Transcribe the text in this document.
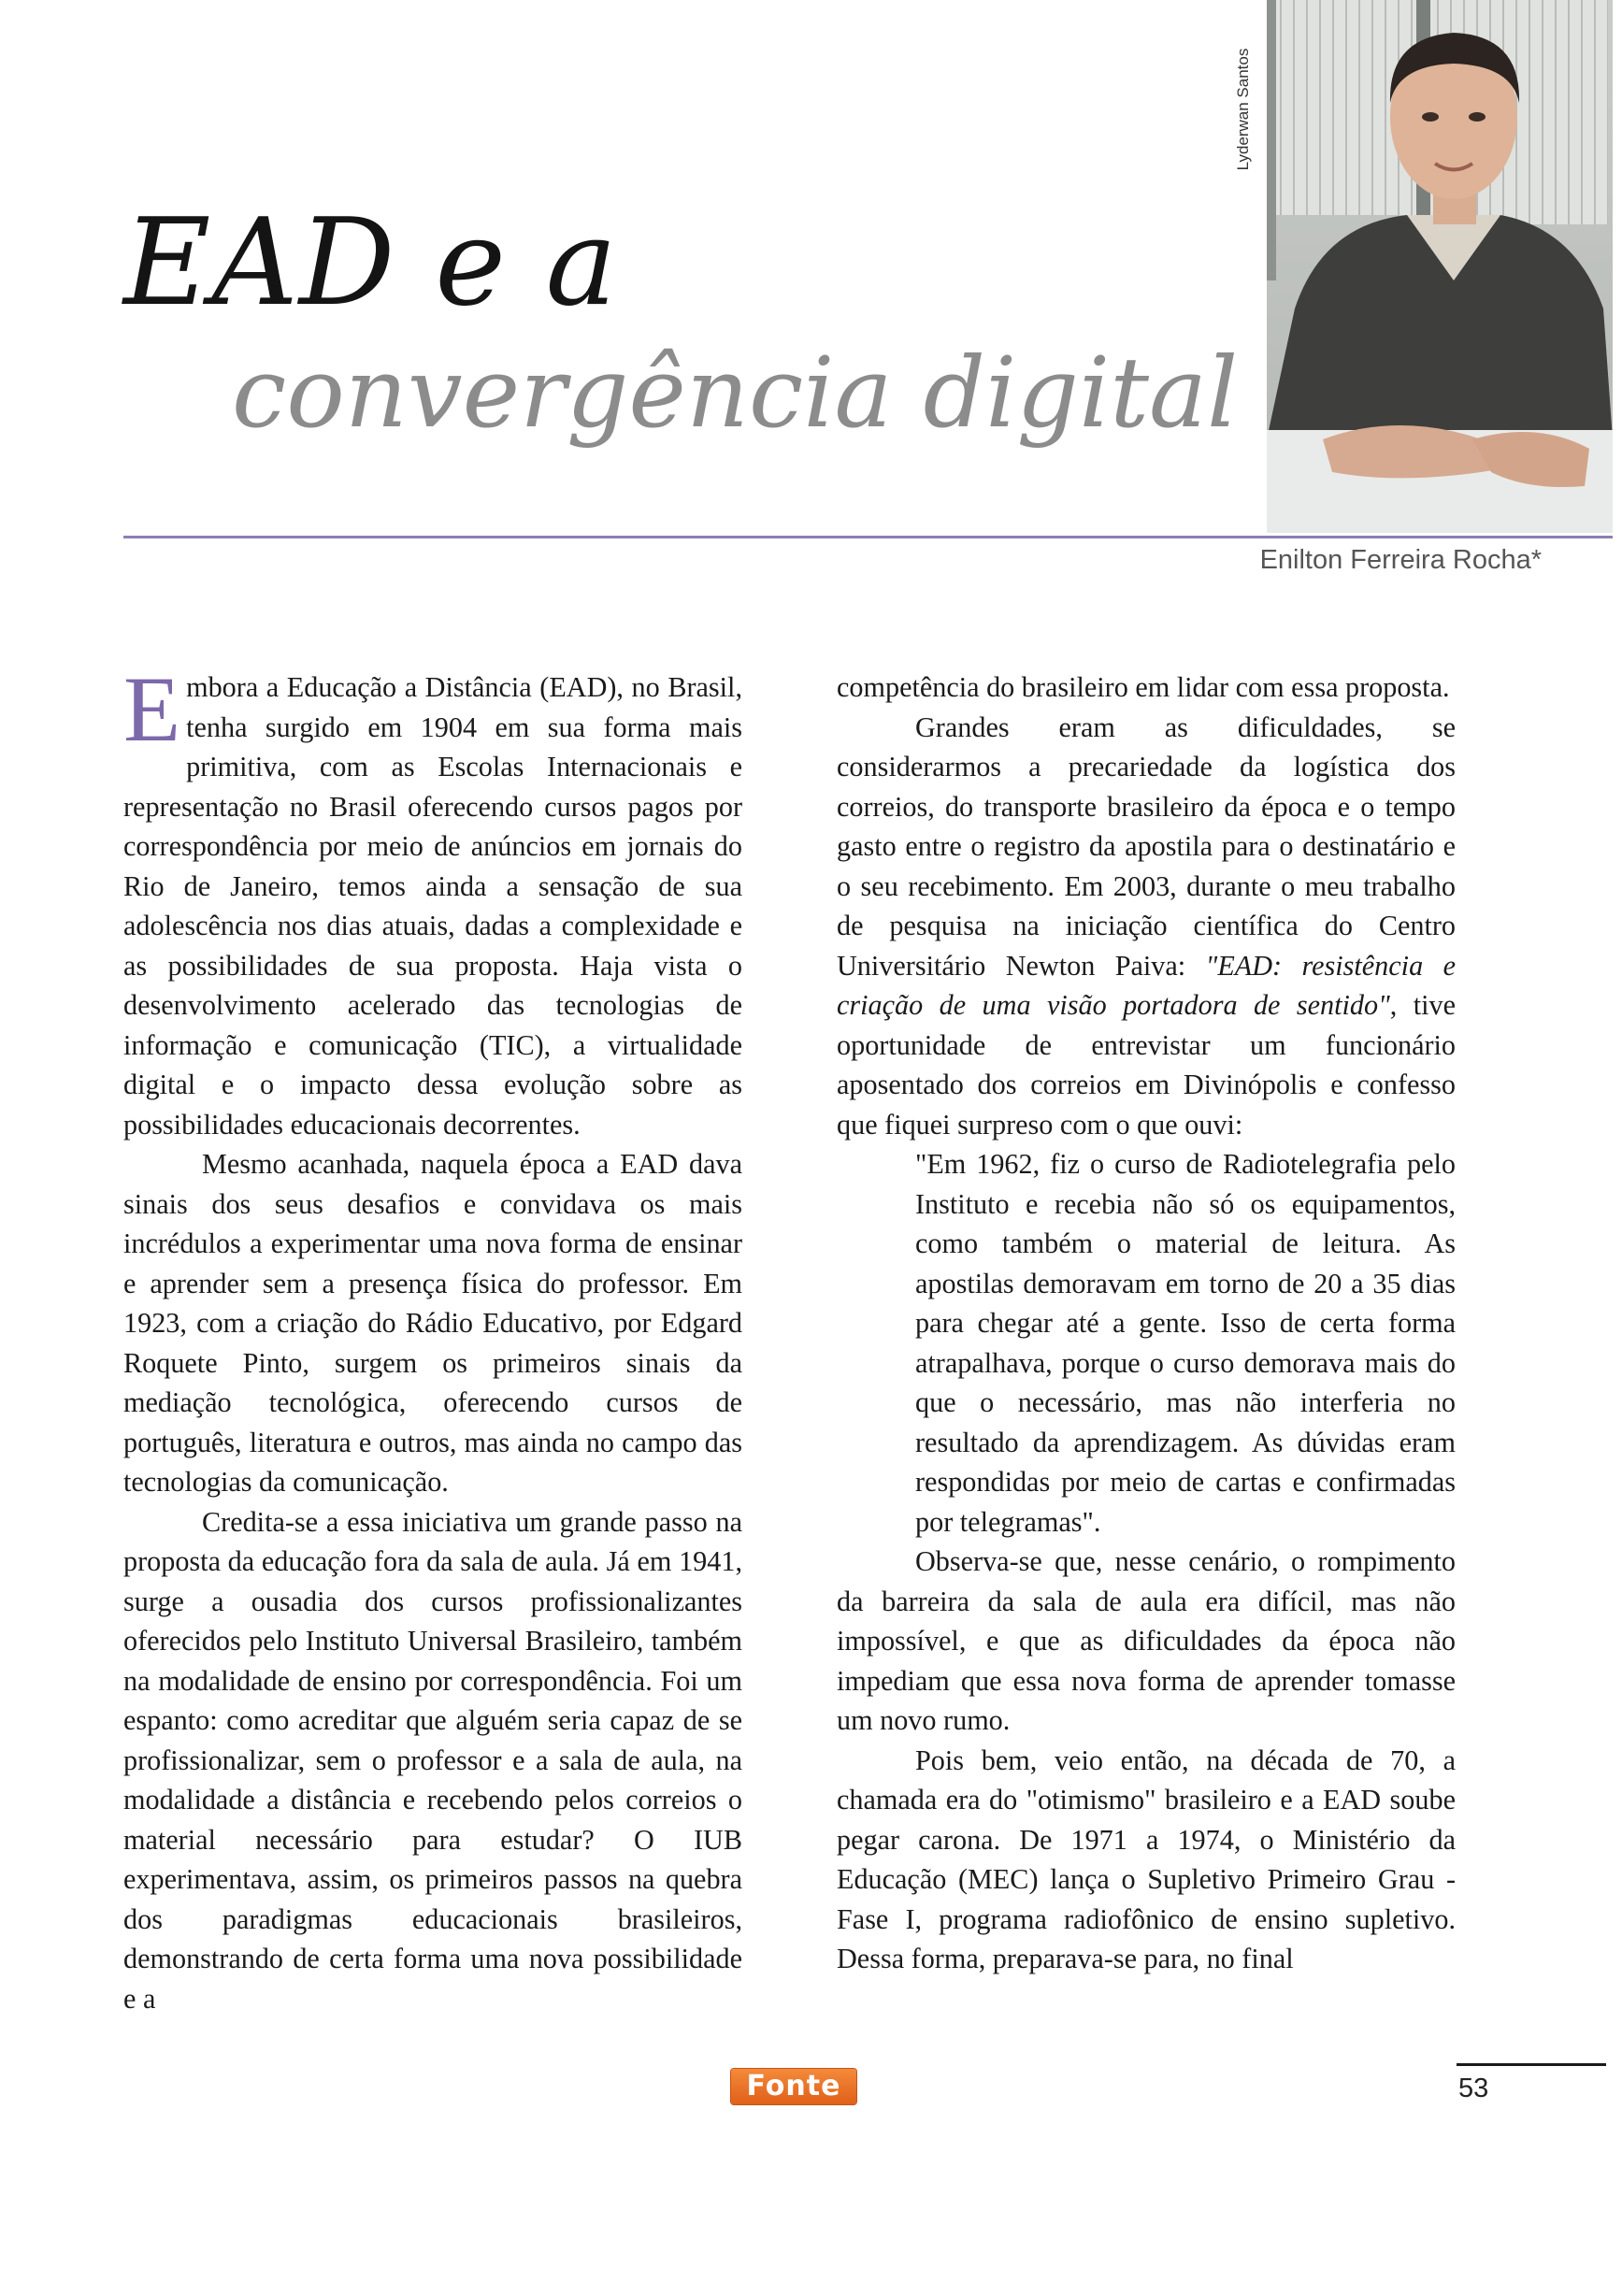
EAD e a
convergência digital
Lyderwan Santos

Enilton Ferreira Rocha*

Embora a Educação a Distância (EAD), no Brasil, tenha surgido em 1904 em sua forma mais primitiva, com as Escolas Internacionais e representação no Brasil oferecendo cursos pagos por correspondência por meio de anúncios em jornais do Rio de Janeiro, temos ainda a sensação de sua adolescência nos dias atuais, dadas a complexidade e as possibilidades de sua proposta. Haja vista o desenvolvimento acelerado das tecnologias de informação e comunicação (TIC), a virtualidade digital e o impacto dessa evolução sobre as possibilidades educacionais decorrentes.

Mesmo acanhada, naquela época a EAD dava sinais dos seus desafios e convidava os mais incrédulos a experimentar uma nova forma de ensinar e aprender sem a presença física do professor. Em 1923, com a criação do Rádio Educativo, por Edgard Roquete Pinto, surgem os primeiros sinais da mediação tecnológica, oferecendo cursos de português, literatura e outros, mas ainda no campo das tecnologias da comunicação.

Credita-se a essa iniciativa um grande passo na proposta da educação fora da sala de aula. Já em 1941, surge a ousadia dos cursos profissionalizantes oferecidos pelo Instituto Universal Brasileiro, também na modalidade de ensino por correspondência. Foi um espanto: como acreditar que alguém seria capaz de se profissionalizar, sem o professor e a sala de aula, na modalidade a distância e recebendo pelos correios o material necessário para estudar? O IUB experimentava, assim, os primeiros passos na quebra dos paradigmas educacionais brasileiros, demonstrando de certa forma uma nova possibilidade e a

competência do brasileiro em lidar com essa proposta.

Grandes eram as dificuldades, se considerarmos a precariedade da logística dos correios, do transporte brasileiro da época e o tempo gasto entre o registro da apostila para o destinatário e o seu recebimento. Em 2003, durante o meu trabalho de pesquisa na iniciação científica do Centro Universitário Newton Paiva: "EAD: resistência e criação de uma visão portadora de sentido", tive oportunidade de entrevistar um funcionário aposentado dos correios em Divinópolis e confesso que fiquei surpreso com o que ouvi:

"Em 1962, fiz o curso de Radiotelegrafia pelo Instituto e recebia não só os equipamentos, como também o material de leitura. As apostilas demoravam em torno de 20 a 35 dias para chegar até a gente. Isso de certa forma atrapalhava, porque o curso demorava mais do que o necessário, mas não interferia no resultado da aprendizagem. As dúvidas eram respondidas por meio de cartas e confirmadas por telegramas".

Observa-se que, nesse cenário, o rompimento da barreira da sala de aula era difícil, mas não impossível, e que as dificuldades da época não impediam que essa nova forma de aprender tomasse um novo rumo.

Pois bem, veio então, na década de 70, a chamada era do "otimismo" brasileiro e a EAD soube pegar carona. De 1971 a 1974, o Ministério da Educação (MEC) lança o Supletivo Primeiro Grau - Fase I, programa radiofônico de ensino supletivo. Dessa forma, preparava-se para, no final

Fonte	53
